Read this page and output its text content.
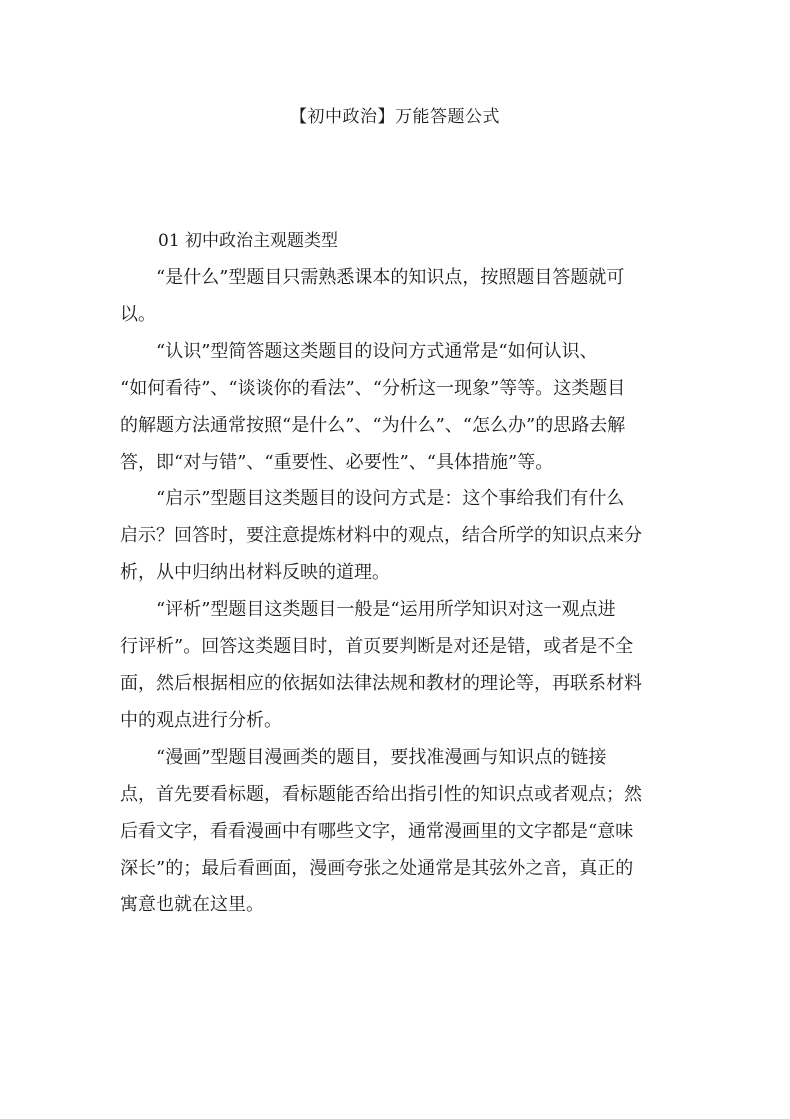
【初中政治】万能答题公式

01 初中政治主观题类型

“是什么”型题目只需熟悉课本的知识点，按照题目答题就可
以。

“认识”型简答题这类题目的设问方式通常是“如何认识、
“如何看待”、“谈谈你的看法”、“分析这一现象”等等。这类题目
的解题方法通常按照“是什么”、“为什么”、“怎么办”的思路去解
答，即“对与错”、“重要性、必要性”、“具体措施”等。

“启示”型题目这类题目的设问方式是：这个事给我们有什么
启示？回答时，要注意提炼材料中的观点，结合所学的知识点来分
析，从中归纳出材料反映的道理。

“评析”型题目这类题目一般是“运用所学知识对这一观点进
行评析”。回答这类题目时，首页要判断是对还是错，或者是不全
面，然后根据相应的依据如法律法规和教材的理论等，再联系材料
中的观点进行分析。

“漫画”型题目漫画类的题目，要找准漫画与知识点的链接
点，首先要看标题，看标题能否给出指引性的知识点或者观点；然
后看文字，看看漫画中有哪些文字，通常漫画里的文字都是“意味
深长”的；最后看画面，漫画夸张之处通常是其弦外之音，真正的
寓意也就在这里。
